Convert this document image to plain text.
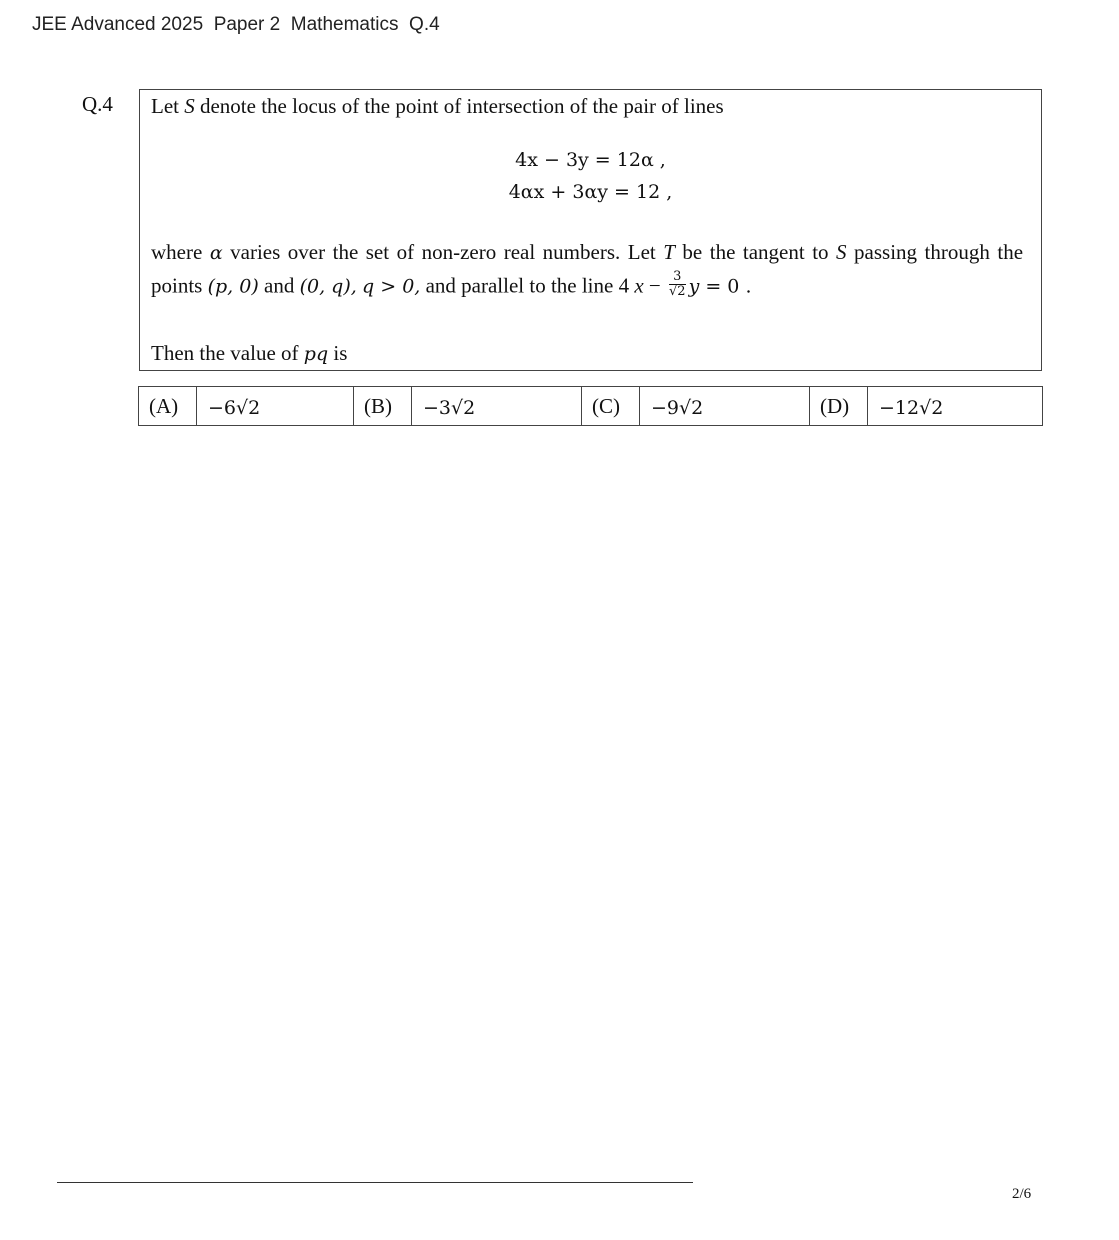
JEE Advanced 2025  Paper 2  Mathematics  Q.4
Q.4 Let S denote the locus of the point of intersection of the pair of lines
4x − 3y = 12α ,
4αx + 3αy = 12 ,
where α varies over the set of non-zero real numbers. Let T be the tangent to S passing through the
points (p, 0) and (0, q), q > 0, and parallel to the line 4 $x - \frac{3}{√2}$ y = 0 .
Then the value of pq is
(A)	−6√2	(B)	−3√2	(C)	−9√2	(D)	−12√2
2/6
